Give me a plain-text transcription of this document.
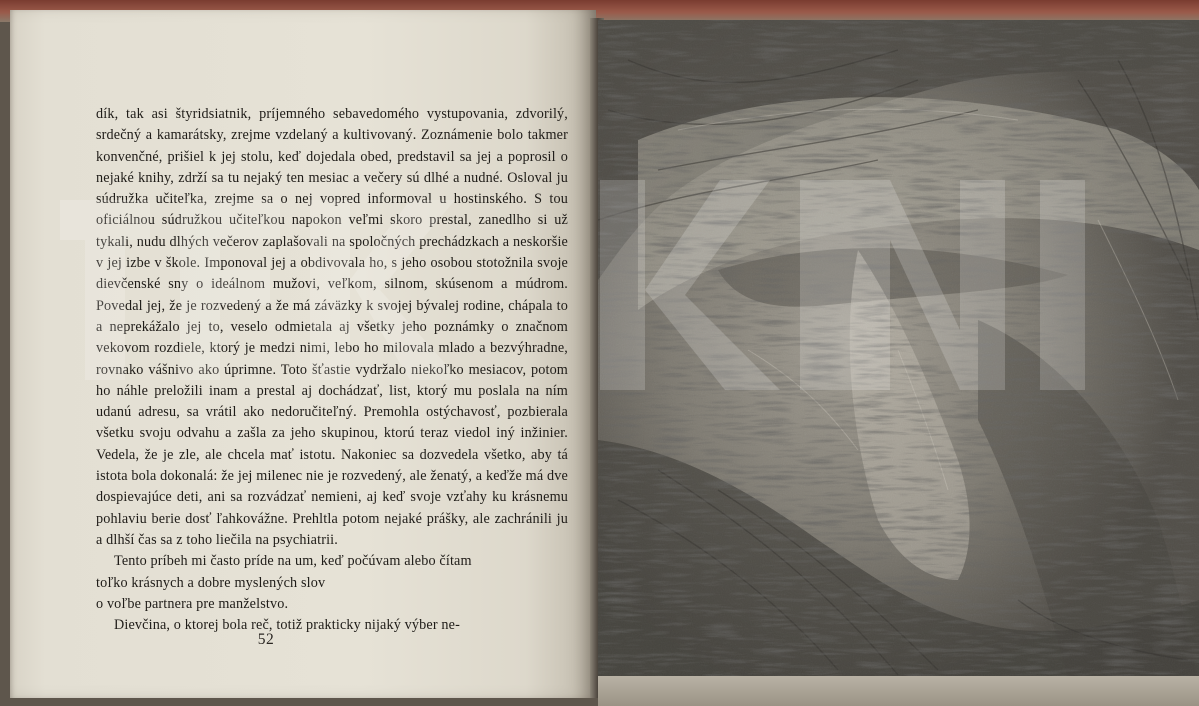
dík, tak asi štyridsiatnik, príjemného sebavedomého vystupovania, zdvorilý, srdečný a kamarátsky, zrejme vzdelaný a kultivovaný. Zoznámenie bolo takmer konvenčné, prišiel k jej stolu, keď dojedala obed, predstavil sa jej a poprosil o nejaké knihy, zdrží sa tu nejaký ten mesiac a večery sú dlhé a nudné. Osloval ju súdružka učiteľka, zrejme sa o nej vopred informoval u hostinského. S tou oficiálnou súdružkou učiteľkou napokon veľmi skoro prestal, zanedlho si už tykali, nudu dlhých večerov zaplašovali na spoločných prechádzkach a neskoršie v jej izbe v škole. Imponoval jej a obdivovala ho, s jeho osobou stotožnila svoje dievčenské sny o ideálnom mužovi, veľkom, silnom, skúsenom a múdrom. Povedal jej, že je rozvedený a že má záväzky k svojej bývalej rodine, chápala to a neprekážalo jej to, veselo odmietala aj všetky jeho poznámky o značnom vekovom rozdiele, ktorý je medzi nimi, lebo ho milovala mlado a bezvýhradne, rovnako vášnivo ako úprimne. Toto šťastie vydržalo niekoľko mesiacov, potom ho náhle preložili inam a prestal aj dochádzať, list, ktorý mu poslala na ním udanú adresu, sa vrátil ako nedoručiteľný. Premohla ostýchavosť, pozbierala všetku svoju odvahu a zašla za jeho skupinou, ktorú teraz viedol iný inžinier. Vedela, že je zle, ale chcela mať istotu. Nakoniec sa dozvedela všetko, aby tá istota bola dokonalá: že jej milenec nie je rozvedený, ale ženatý, a keďže má dve dospievajúce deti, ani sa rozvádzať nemieni, aj keď svoje vzťahy ku krásnemu pohlaviu berie dosť ľahkovážne. Prehltla potom nejaké prášky, ale zachránili ju a dlhší čas sa z toho liečila na psychiatrii.

Tento príbeh mi často príde na um, keď počúvam alebo čítam

toľko krásnych a dobre myslených slov

o voľbe partnera pre manželstvo.

Dievčina, o ktorej bola reč, totiž prakticky nijaký výber ne-

52
